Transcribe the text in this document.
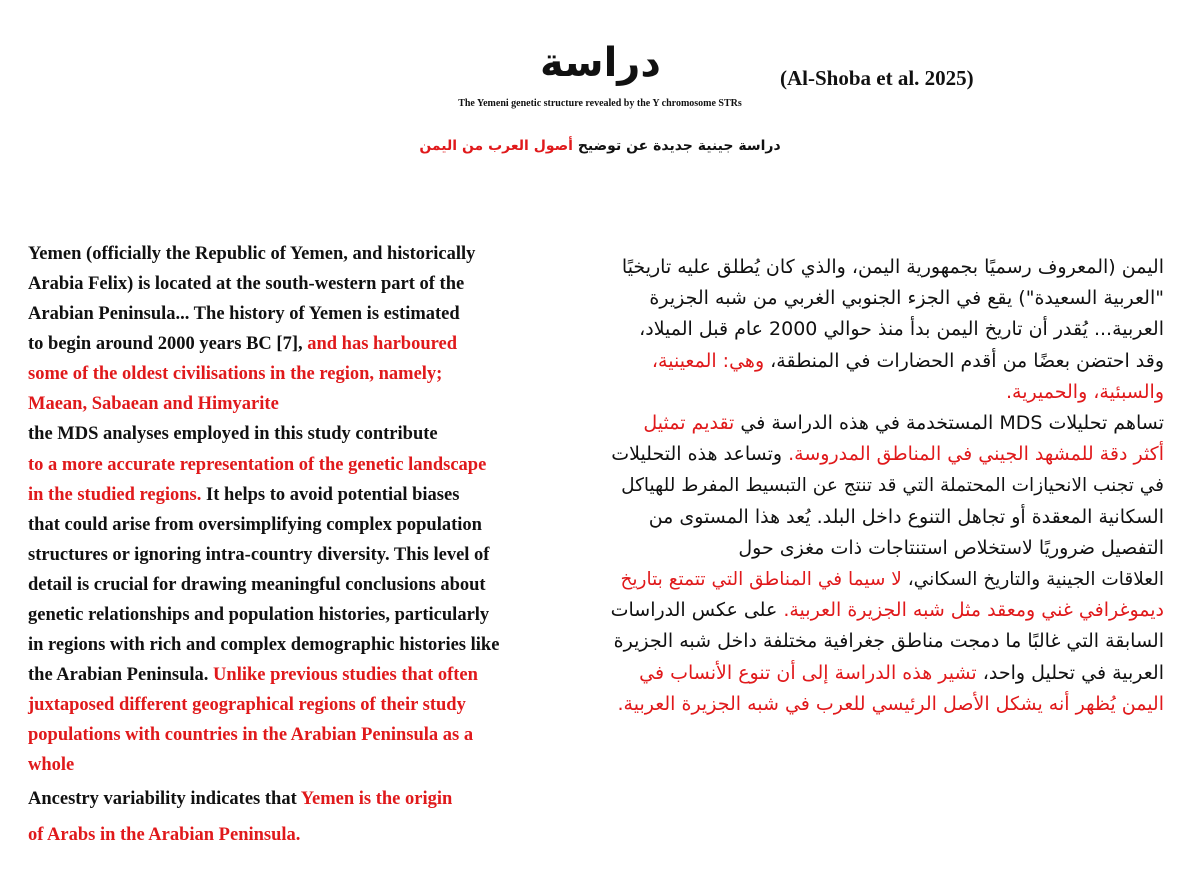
دراسة	(Al-Shoba et al. 2025)
The Yemeni genetic structure revealed by the Y chromosome STRs
دراسة جينية جديدة عن توضيح أصول العرب من اليمن
Yemen (officially the Republic of Yemen, and historically
Arabia Felix) is located at the south-western part of the
Arabian Peninsula... The history of Yemen is estimated
to begin around 2000 years BC [7], and has harboured
some of the oldest civilisations in the region, namely;
Maean, Sabaean and Himyarite
the MDS analyses employed in this study contribute
to a more accurate representation of the genetic landscape
in the studied regions. It helps to avoid potential biases
that could arise from oversimplifying complex population
structures or ignoring intra-country diversity. This level of
detail is crucial for drawing meaningful conclusions about
genetic relationships and population histories, particularly
in regions with rich and complex demographic histories like
the Arabian Peninsula. Unlike previous studies that often
juxtaposed different geographical regions of their study
populations with countries in the Arabian Peninsula as a
whole
Ancestry variability indicates that Yemen is the origin
of Arabs in the Arabian Peninsula.
اليمن (المعروف رسميًا بجمهورية اليمن، والذي كان يُطلق عليه تاريخيًا
"العربية السعيدة") يقع في الجزء الجنوبي الغربي من شبه الجزيرة
العربية... يُقدر أن تاريخ اليمن بدأ منذ حوالي 2000 عام قبل الميلاد،
وقد احتضن بعضًا من أقدم الحضارات في المنطقة، وهي: المعينية،
والسبئية، والحميرية.
تساهم تحليلات MDS المستخدمة في هذه الدراسة في تقديم تمثيل
أكثر دقة للمشهد الجيني في المناطق المدروسة. وتساعد هذه التحليلات
في تجنب الانحيازات المحتملة التي قد تنتج عن التبسيط المفرط للهياكل
السكانية المعقدة أو تجاهل التنوع داخل البلد. يُعد هذا المستوى من
التفصيل ضروريًا لاستخلاص استنتاجات ذات مغزى حول
العلاقات الجينية والتاريخ السكاني، لا سيما في المناطق التي تتمتع بتاريخ
ديموغرافي غني ومعقد مثل شبه الجزيرة العربية. على عكس الدراسات
السابقة التي غالبًا ما دمجت مناطق جغرافية مختلفة داخل شبه الجزيرة
العربية في تحليل واحد، تشير هذه الدراسة إلى أن تنوع الأنساب في
اليمن يُظهر أنه يشكل الأصل الرئيسي للعرب في شبه الجزيرة العربية.
